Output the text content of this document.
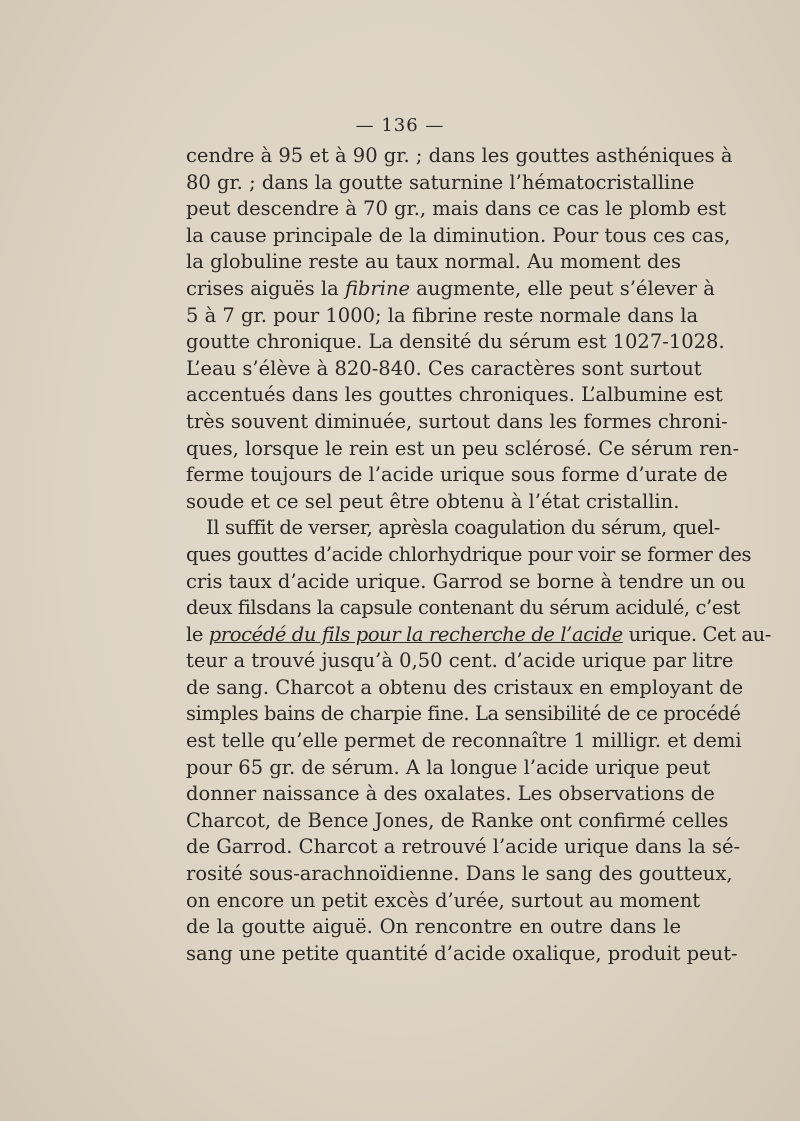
— 136 —
cendre à 95 et à 90 gr. ; dans les gouttes asthéniques à
80 gr. ; dans la goutte saturnine l’hématocristalline
peut descendre à 70 gr., mais dans ce cas le plomb est
la cause principale de la diminution. Pour tous ces cas,
la globuline reste au taux normal. Au moment des
crises aiguës la fibrine augmente, elle peut s’élever à
5 à 7 gr. pour 1000; la fibrine reste normale dans la
goutte chronique. La densité du sérum est 1027-1028.
L’eau s’élève à 820-840. Ces caractères sont surtout
accentués dans les gouttes chroniques. L’albumine est
très souvent diminuée, surtout dans les formes chroni-
ques, lorsque le rein est un peu sclérosé. Ce sérum ren-
ferme toujours de l’acide urique sous forme d’urate de
soude et ce sel peut être obtenu à l’état cristallin.
Il suffit de verser, aprèsla coagulation du sérum, quel-
ques gouttes d’acide chlorhydrique pour voir se former des
cris taux d’acide urique. Garrod se borne à tendre un ou
deux filsdans la capsule contenant du sérum acidulé, c’est
le procédé du fils pour la recherche de l’acide urique. Cet au-
teur a trouvé jusqu’à 0,50 cent. d’acide urique par litre
de sang. Charcot a obtenu des cristaux en employant de
simples bains de charpie fine. La sensibilité de ce procédé
est telle qu’elle permet de reconnaître 1 milligr. et demi
pour 65 gr. de sérum. A la longue l’acide urique peut
donner naissance à des oxalates. Les observations de
Charcot, de Bence Jones, de Ranke ont confirmé celles
de Garrod. Charcot a retrouvé l’acide urique dans la sé-
rosité sous-arachnoïdienne. Dans le sang des goutteux,
on encore un petit excès d’urée, surtout au moment
de la goutte aiguë. On rencontre en outre dans le
sang une petite quantité d’acide oxalique, produit peut-
